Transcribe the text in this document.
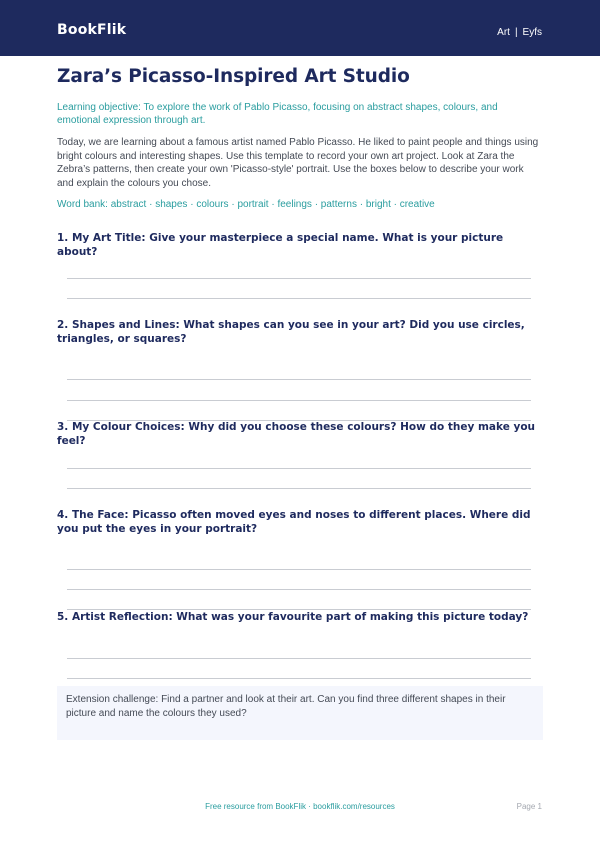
BookFlik	Art | Eyfs
Zara’s Picasso-Inspired Art Studio
Learning objective: To explore the work of Pablo Picasso, focusing on abstract shapes, colours, and emotional expression through art.
Today, we are learning about a famous artist named Pablo Picasso. He liked to paint people and things using bright colours and interesting shapes. Use this template to record your own art project. Look at Zara the Zebra’s patterns, then create your own 'Picasso-style' portrait. Use the boxes below to describe your work and explain the colours you chose.
Word bank: abstract · shapes · colours · portrait · feelings · patterns · bright · creative
1. My Art Title: Give your masterpiece a special name. What is your picture about?
2. Shapes and Lines: What shapes can you see in your art? Did you use circles, triangles, or squares?
3. My Colour Choices: Why did you choose these colours? How do they make you feel?
4. The Face: Picasso often moved eyes and noses to different places. Where did you put the eyes in your portrait?
5. Artist Reflection: What was your favourite part of making this picture today?
Extension challenge: Find a partner and look at their art. Can you find three different shapes in their picture and name the colours they used?
Free resource from BookFlik · bookflik.com/resources	Page 1
